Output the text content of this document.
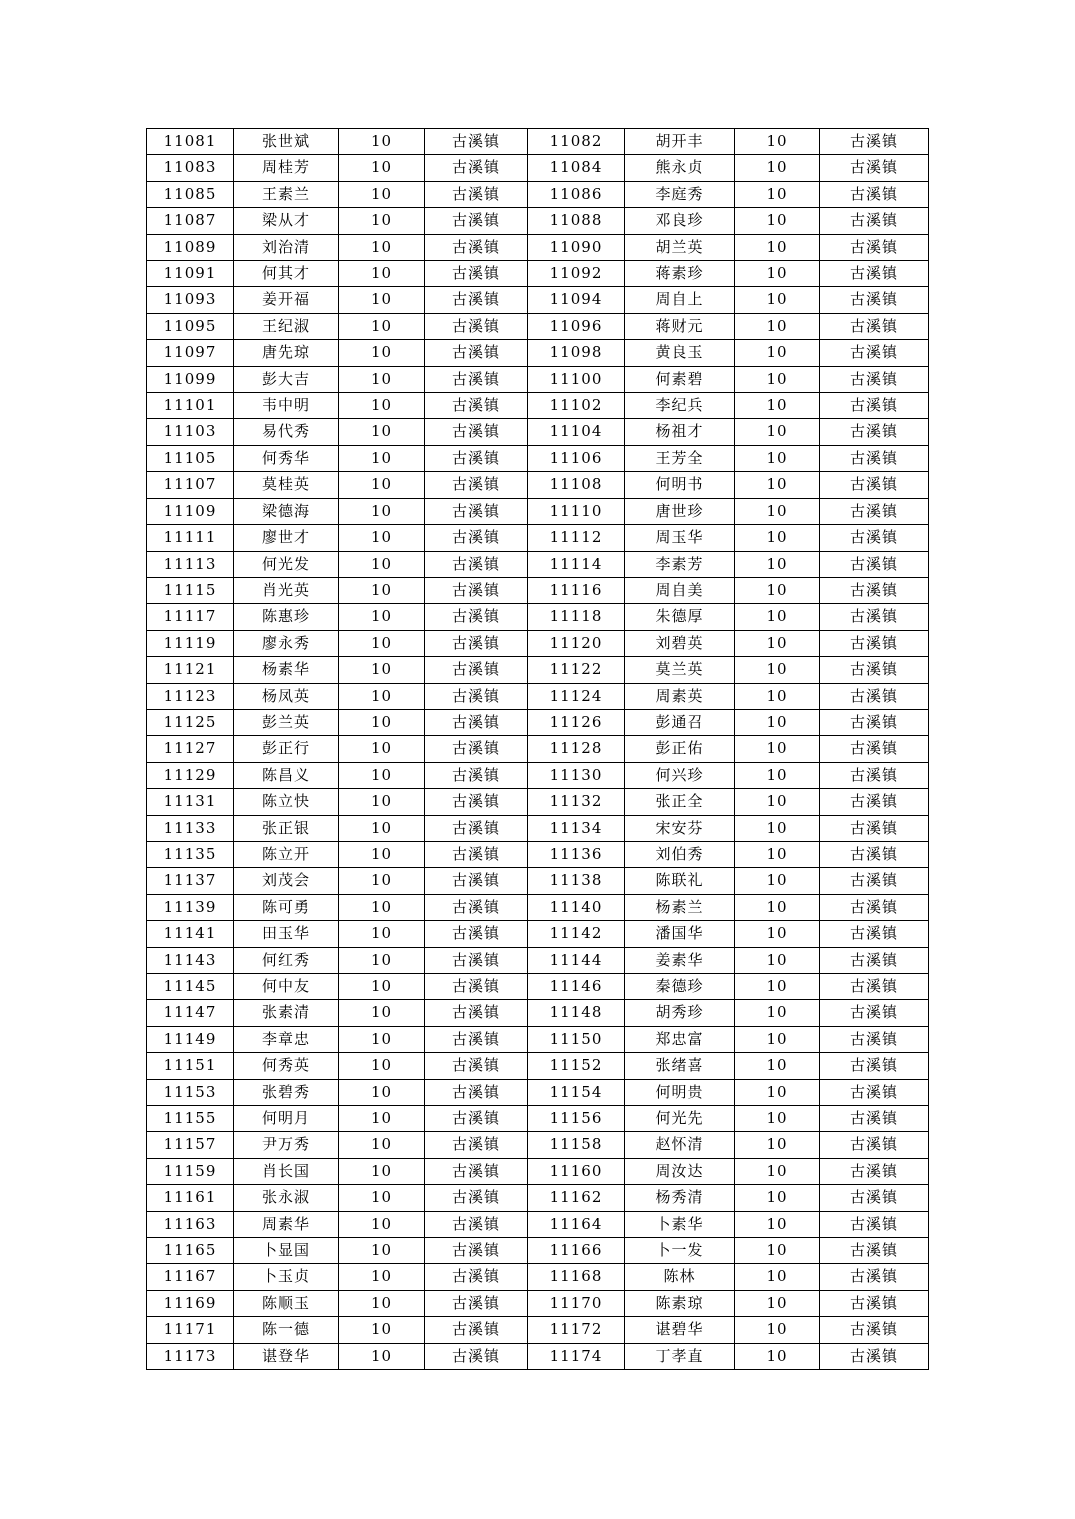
11081	张世斌	10	古溪镇	11082	胡开丰	10	古溪镇
11083	周桂芳	10	古溪镇	11084	熊永贞	10	古溪镇
11085	王素兰	10	古溪镇	11086	李庭秀	10	古溪镇
11087	梁从才	10	古溪镇	11088	邓良珍	10	古溪镇
11089	刘治清	10	古溪镇	11090	胡兰英	10	古溪镇
11091	何其才	10	古溪镇	11092	蒋素珍	10	古溪镇
11093	姜开福	10	古溪镇	11094	周自上	10	古溪镇
11095	王纪淑	10	古溪镇	11096	蒋财元	10	古溪镇
11097	唐先琼	10	古溪镇	11098	黄良玉	10	古溪镇
11099	彭大吉	10	古溪镇	11100	何素碧	10	古溪镇
11101	韦中明	10	古溪镇	11102	李纪兵	10	古溪镇
11103	易代秀	10	古溪镇	11104	杨祖才	10	古溪镇
11105	何秀华	10	古溪镇	11106	王芳全	10	古溪镇
11107	莫桂英	10	古溪镇	11108	何明书	10	古溪镇
11109	梁德海	10	古溪镇	11110	唐世珍	10	古溪镇
11111	廖世才	10	古溪镇	11112	周玉华	10	古溪镇
11113	何光发	10	古溪镇	11114	李素芳	10	古溪镇
11115	肖光英	10	古溪镇	11116	周自美	10	古溪镇
11117	陈惠珍	10	古溪镇	11118	朱德厚	10	古溪镇
11119	廖永秀	10	古溪镇	11120	刘碧英	10	古溪镇
11121	杨素华	10	古溪镇	11122	莫兰英	10	古溪镇
11123	杨凤英	10	古溪镇	11124	周素英	10	古溪镇
11125	彭兰英	10	古溪镇	11126	彭通召	10	古溪镇
11127	彭正行	10	古溪镇	11128	彭正佑	10	古溪镇
11129	陈昌义	10	古溪镇	11130	何兴珍	10	古溪镇
11131	陈立快	10	古溪镇	11132	张正全	10	古溪镇
11133	张正银	10	古溪镇	11134	宋安芬	10	古溪镇
11135	陈立开	10	古溪镇	11136	刘伯秀	10	古溪镇
11137	刘茂会	10	古溪镇	11138	陈联礼	10	古溪镇
11139	陈可勇	10	古溪镇	11140	杨素兰	10	古溪镇
11141	田玉华	10	古溪镇	11142	潘国华	10	古溪镇
11143	何红秀	10	古溪镇	11144	姜素华	10	古溪镇
11145	何中友	10	古溪镇	11146	秦德珍	10	古溪镇
11147	张素清	10	古溪镇	11148	胡秀珍	10	古溪镇
11149	李章忠	10	古溪镇	11150	郑忠富	10	古溪镇
11151	何秀英	10	古溪镇	11152	张绪喜	10	古溪镇
11153	张碧秀	10	古溪镇	11154	何明贵	10	古溪镇
11155	何明月	10	古溪镇	11156	何光先	10	古溪镇
11157	尹万秀	10	古溪镇	11158	赵怀清	10	古溪镇
11159	肖长国	10	古溪镇	11160	周汝达	10	古溪镇
11161	张永淑	10	古溪镇	11162	杨秀清	10	古溪镇
11163	周素华	10	古溪镇	11164	卜素华	10	古溪镇
11165	卜显国	10	古溪镇	11166	卜一发	10	古溪镇
11167	卜玉贞	10	古溪镇	11168	陈林	10	古溪镇
11169	陈顺玉	10	古溪镇	11170	陈素琼	10	古溪镇
11171	陈一德	10	古溪镇	11172	谌碧华	10	古溪镇
11173	谌登华	10	古溪镇	11174	丁孝直	10	古溪镇
